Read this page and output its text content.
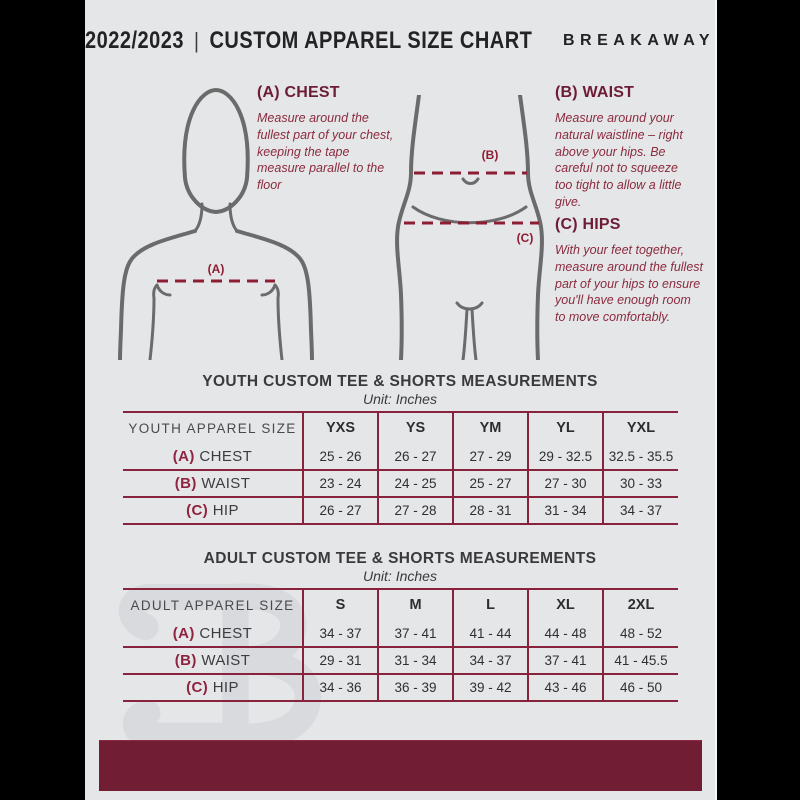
2022/2023 | CUSTOM APPAREL SIZE CHART BREAKAWAY
(A)
(B)
(C)

(A) CHEST

Measure around the fullest part of your chest, keeping the tape measure parallel to the floor

(B) WAIST

Measure around your natural waistline – right above your hips. Be careful not to squeeze too tight to allow a little give.

(C) HIPS

With your feet together, measure around the fullest part of your hips to ensure you'll have enough room to move comfortably.

YOUTH CUSTOM TEE & SHORTS MEASUREMENTS
Unit: Inches
YOUTH APPAREL SIZE	YXS	YS	YM	YL	YXL
(A) CHEST	25 - 26	26 - 27	27 - 29	29 - 32.5	32.5 - 35.5
(B) WAIST	23 - 24	24 - 25	25 - 27	27 - 30	30 - 33
(C) HIP	26 - 27	27 - 28	28 - 31	31 - 34	34 - 37
ADULT CUSTOM TEE & SHORTS MEASUREMENTS
Unit: Inches
ADULT APPAREL SIZE	S	M	L	XL	2XL
(A) CHEST	34 - 37	37 - 41	41 - 44	44 - 48	48 - 52
(B) WAIST	29 - 31	31 - 34	34 - 37	37 - 41	41 - 45.5
(C) HIP	34 - 36	36 - 39	39 - 42	43 - 46	46 - 50
